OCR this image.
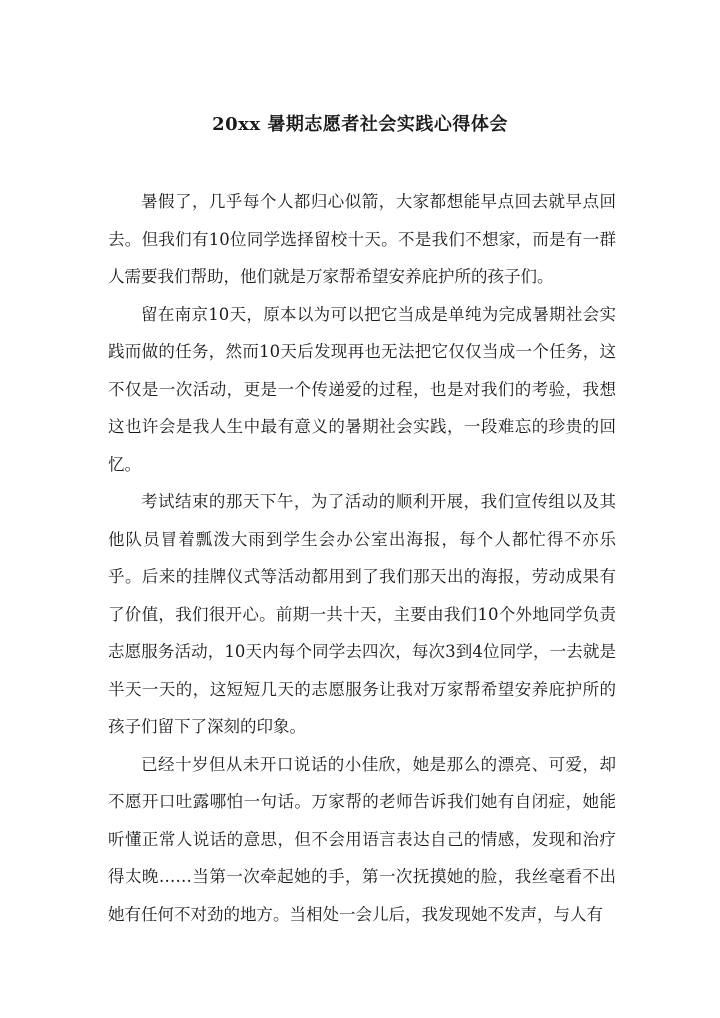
20xx 暑期志愿者社会实践心得体会

暑假了，几乎每个人都归心似箭，大家都想能早点回去就早点回去。但我们有10位同学选择留校十天。不是我们不想家，而是有一群人需要我们帮助，他们就是万家帮希望安养庇护所的孩子们。

留在南京10天，原本以为可以把它当成是单纯为完成暑期社会实践而做的任务，然而10天后发现再也无法把它仅仅当成一个任务，这不仅是一次活动，更是一个传递爱的过程，也是对我们的考验，我想这也许会是我人生中最有意义的暑期社会实践，一段难忘的珍贵的回忆。

考试结束的那天下午，为了活动的顺利开展，我们宣传组以及其他队员冒着瓢泼大雨到学生会办公室出海报，每个人都忙得不亦乐乎。后来的挂牌仪式等活动都用到了我们那天出的海报，劳动成果有了价值，我们很开心。前期一共十天，主要由我们10个外地同学负责志愿服务活动，10天内每个同学去四次，每次3到4位同学，一去就是半天一天的，这短短几天的志愿服务让我对万家帮希望安养庇护所的孩子们留下了深刻的印象。

已经十岁但从未开口说话的小佳欣，她是那么的漂亮、可爱，却不愿开口吐露哪怕一句话。万家帮的老师告诉我们她有自闭症，她能听懂正常人说话的意思，但不会用语言表达自己的情感，发现和治疗得太晚……当第一次牵起她的手，第一次抚摸她的脸，我丝毫看不出她有任何不对劲的地方。当相处一会儿后，我发现她不发声，与人有
